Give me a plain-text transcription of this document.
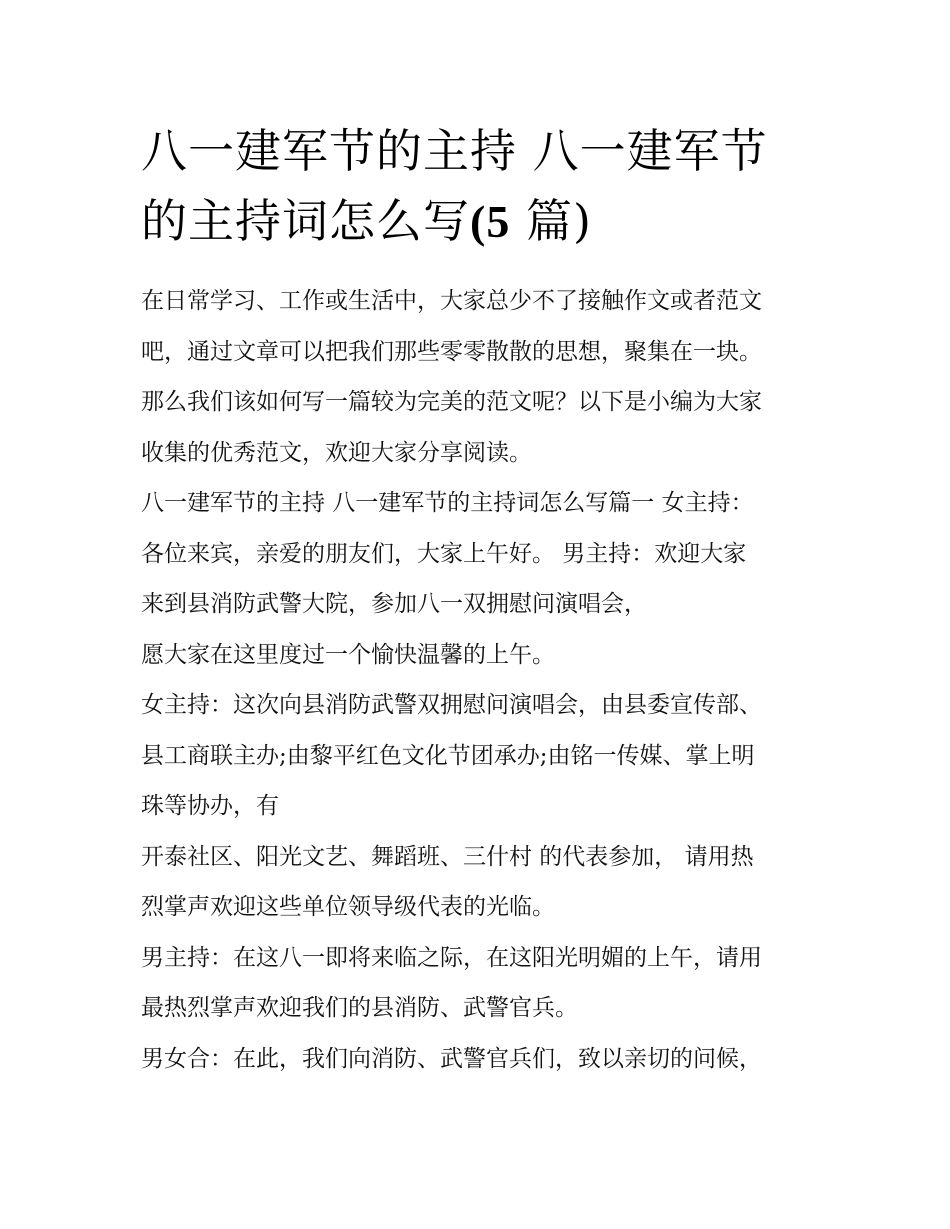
八一建军节的主持 八一建军节
的主持词怎么写(5 篇)

在日常学习、工作或生活中，大家总少不了接触作文或者范文

吧，通过文章可以把我们那些零零散散的思想，聚集在一块。

那么我们该如何写一篇较为完美的范文呢？以下是小编为大家

收集的优秀范文，欢迎大家分享阅读。

八一建军节的主持 八一建军节的主持词怎么写篇一 女主持：

各位来宾，亲爱的朋友们，大家上午好。 男主持：欢迎大家

来到县消防武警大院，参加八一双拥慰问演唱会，

愿大家在这里度过一个愉快温馨的上午。

女主持：这次向县消防武警双拥慰问演唱会，由县委宣传部、

县工商联主办;由黎平红色文化节团承办;由铭一传媒、掌上明

珠等协办，有

开泰社区、阳光文艺、舞蹈班、三什村 的代表参加， 请用热

烈掌声欢迎这些单位领导级代表的光临。

男主持：在这八一即将来临之际，在这阳光明媚的上午，请用

最热烈掌声欢迎我们的县消防、武警官兵。

男女合：在此，我们向消防、武警官兵们，致以亲切的问候，
